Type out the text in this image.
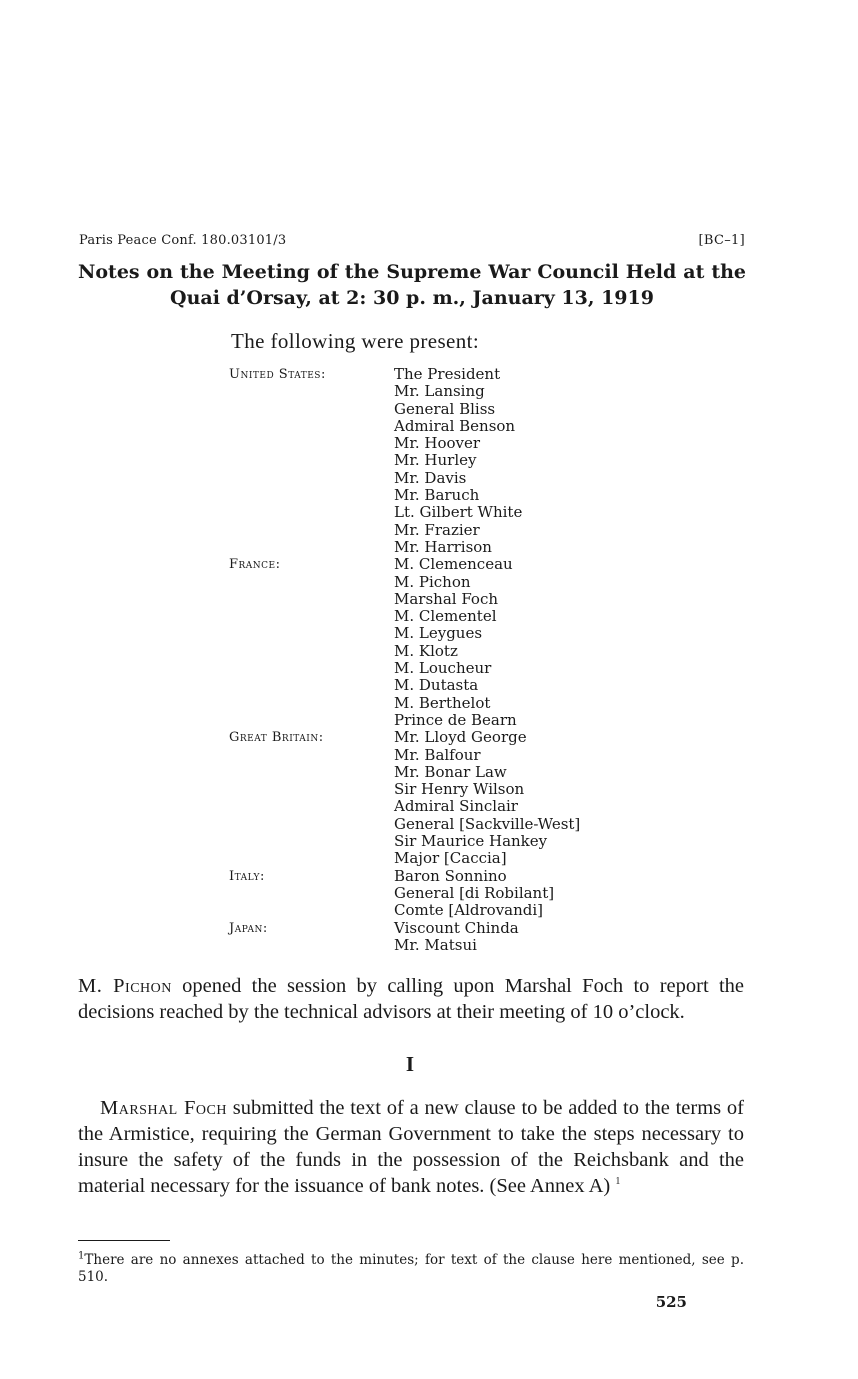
Paris Peace Conf. 180.03101/3	[BC–1]
Notes on the Meeting of the Supreme War Council Held at the
Quai d’Orsay, at 2: 30 p. m., January 13, 1919
The following were present:
United States:	The President
Mr. Lansing
General Bliss
Admiral Benson
Mr. Hoover
Mr. Hurley
Mr. Davis
Mr. Baruch
Lt. Gilbert White
Mr. Frazier
Mr. Harrison
France:	M. Clemenceau
M. Pichon
Marshal Foch
M. Clementel
M. Leygues
M. Klotz
M. Loucheur
M. Dutasta
M. Berthelot
Prince de Bearn
Great Britain:	Mr. Lloyd George
Mr. Balfour
Mr. Bonar Law
Sir Henry Wilson
Admiral Sinclair
General [Sackville-West]
Sir Maurice Hankey
Major [Caccia]
Italy:	Baron Sonnino
General [di Robilant]
Comte [Aldrovandi]
Japan:	Viscount Chinda
Mr. Matsui
M. Pichon opened the session by calling upon Marshal Foch to report the decisions reached by the technical advisors at their meeting of 10 o’clock.
I
Marshal Foch submitted the text of a new clause to be added to the terms of the Armistice, requiring the German Government to take the steps necessary to insure the safety of the funds in the possession of the Reichsbank and the material necessary for the issuance of bank notes. (See Annex A) $^1$
$^1$There are no annexes attached to the minutes; for text of the clause here mentioned, see p. 510.
525
